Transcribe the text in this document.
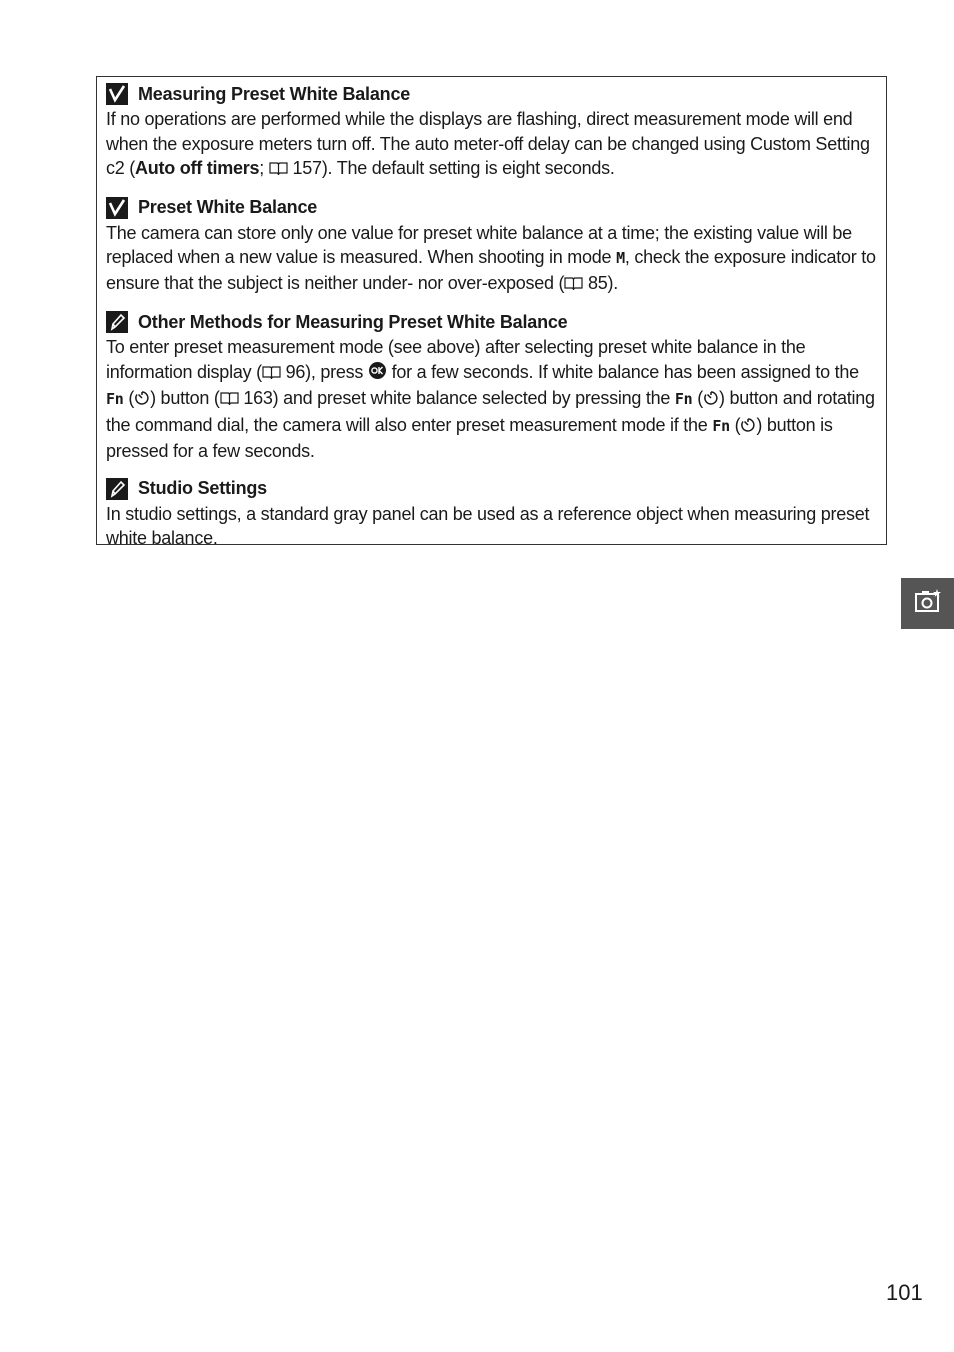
Measuring Preset White Balance
If no operations are performed while the displays are flashing, direct measurement mode will end when the exposure meters turn off. The auto meter-off delay can be changed using Custom Setting c2 (Auto off timers;  157). The default setting is eight seconds.
Preset White Balance
The camera can store only one value for preset white balance at a time; the existing value will be replaced when a new value is measured. When shooting in mode M, check the exposure indicator to ensure that the subject is neither under- nor over-exposed ( 85).
Other Methods for Measuring Preset White Balance
To enter preset measurement mode (see above) after selecting preset white balance in the information display ( 96), press  for a few seconds. If white balance has been assigned to the Fn ( ) button ( 163) and preset white balance selected by pressing the Fn ( ) button and rotating the command dial, the camera will also enter preset measurement mode if the Fn ( ) button is pressed for a few seconds.
Studio Settings
In studio settings, a standard gray panel can be used as a reference object when measuring preset white balance.
101
